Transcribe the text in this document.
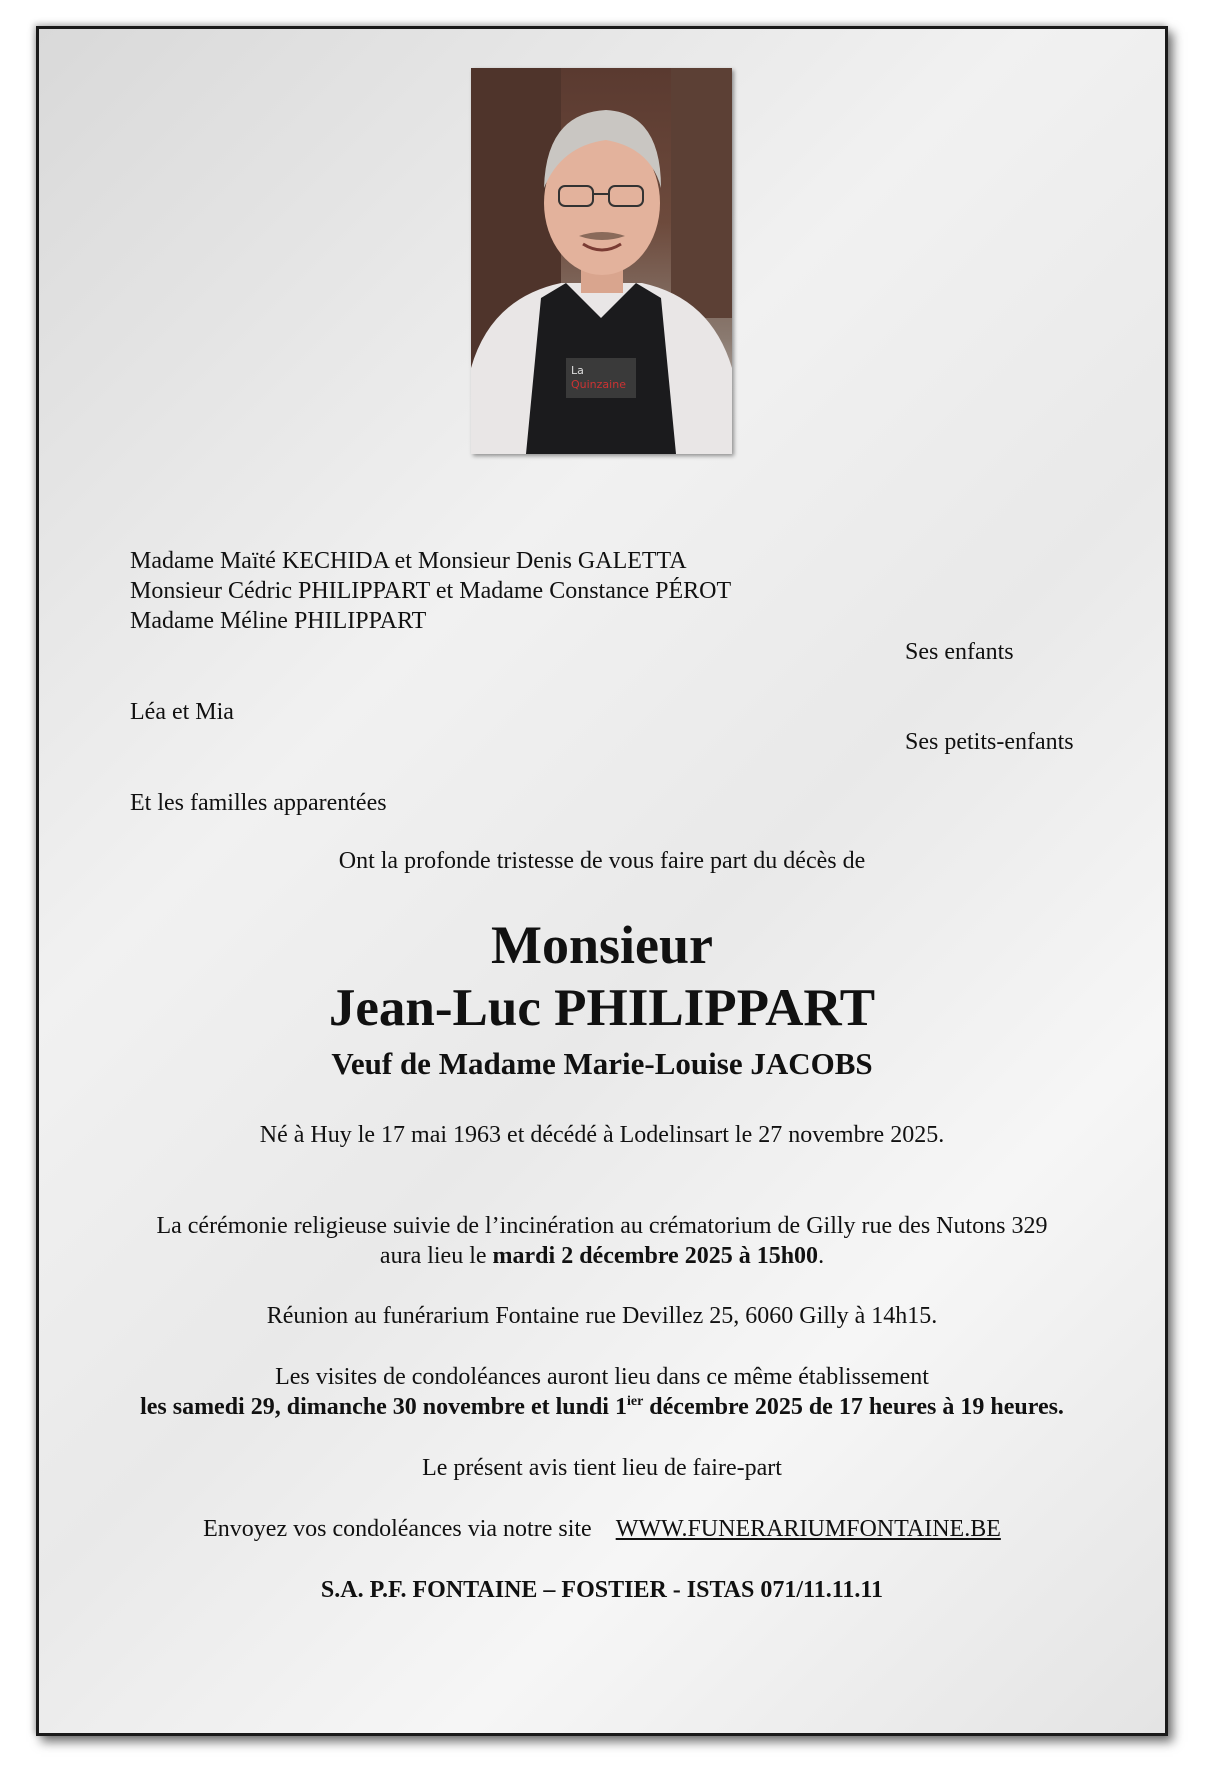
La
Quinzaine
Madame Maïté KECHIDA et Monsieur Denis GALETTA
Monsieur Cédric PHILIPPART et Madame Constance PÉROT
Madame Méline PHILIPPART
Ses enfants
Léa et Mia
Ses petits-enfants
Et les familles apparentées
Ont la profonde tristesse de vous faire part du décès de
Monsieur
Jean-Luc PHILIPPART
Veuf de Madame Marie-Louise JACOBS
Né à Huy le 17 mai 1963 et décédé à Lodelinsart le 27 novembre 2025.
La cérémonie religieuse suivie de l’incinération au crématorium de Gilly rue des Nutons 329
aura lieu le mardi 2 décembre 2025 à 15h00.
Réunion au funérarium Fontaine rue Devillez 25, 6060 Gilly à 14h15.
Les visites de condoléances auront lieu dans ce même établissement
les samedi 29, dimanche 30 novembre et lundi $1^{ier}$ décembre 2025 de 17 heures à 19 heures.
Le présent avis tient lieu de faire-part
Envoyez vos condoléances via notre site WWW.FUNERARIUMFONTAINE.BE
S.A. P.F. FONTAINE – FOSTIER - ISTAS 071/11.11.11
